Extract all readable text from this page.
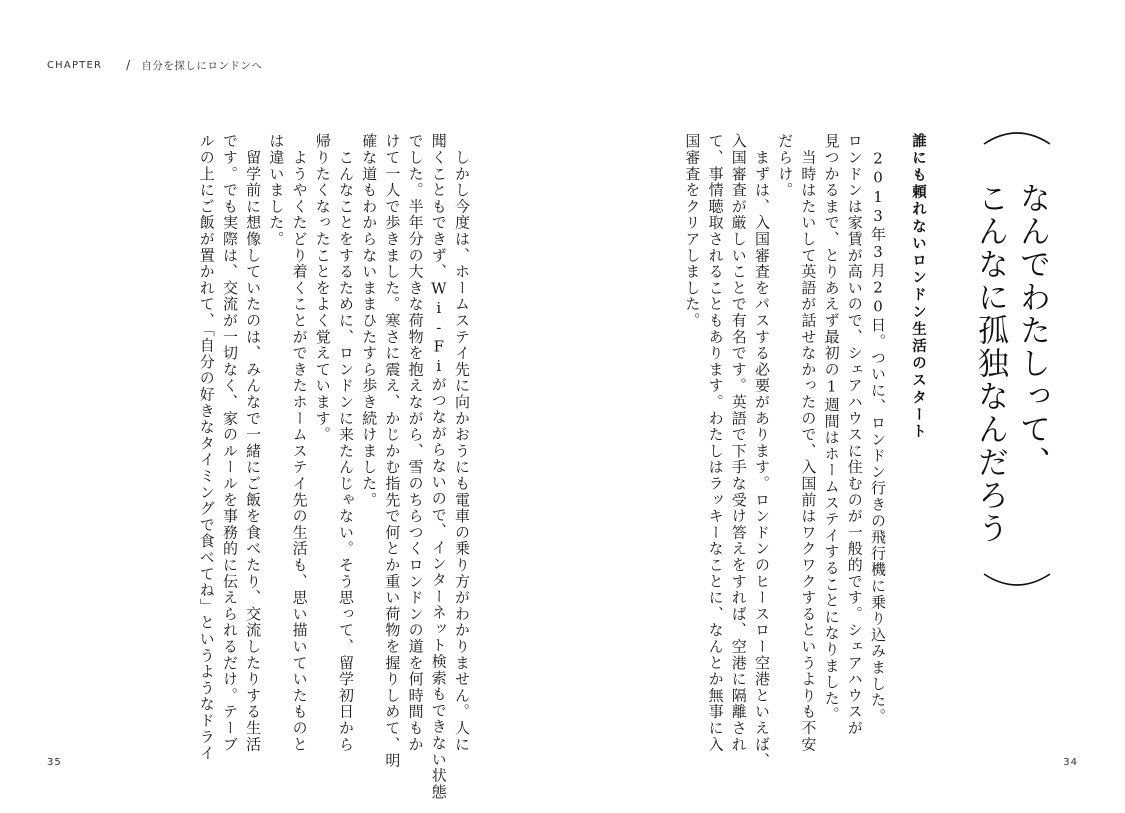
CHAPTER / 自分を探しにロンドンへ
なんでわたしって、
こんなに孤独なんだろう
誰にも頼れないロンドン生活のスタート
　2013年3月20日。ついに、ロンドン行きの飛行機に乗り込みました。
ロンドンは家賃が高いので、シェアハウスに住むのが一般的です。シェアハウスが
見つかるまで、とりあえず最初の1週間はホームステイすることになりました。
　当時はたいして英語が話せなかったので、入国前はワクワクするというよりも不安
だらけ。
　まずは、入国審査をパスする必要があります。ロンドンのヒースロー空港といえば、
入国審査が厳しいことで有名です。英語で下手な受け答えをすれば、空港に隔離され
て、事情聴取されることもあります。わたしはラッキーなことに、なんとか無事に入
国審査をクリアしました。
　しかし今度は、ホームステイ先に向かおうにも電車の乗り方がわかりません。人に
聞くこともできず、Wi-Fiがつながらないので、インターネット検索もできない状態
でした。半年分の大きな荷物を抱えながら、雪のちらつくロンドンの道を何時間もか
けて一人で歩きました。寒さに震え、かじかむ指先で何とか重い荷物を握りしめて、明
確な道もわからないままひたすら歩き続けました。
　こんなことをするために、ロンドンに来たんじゃない。そう思って、留学初日から
帰りたくなったことをよく覚えています。
　ようやくたどり着くことができたホームステイ先の生活も、思い描いていたものと
は違いました。
　留学前に想像していたのは、みんなで一緒にご飯を食べたり、交流したりする生活
です。でも実際は、交流が一切なく、家のルールを事務的に伝えられるだけ。テーブ
ルの上にご飯が置かれて、「自分の好きなタイミングで食べてね」というようなドライ
35	34
